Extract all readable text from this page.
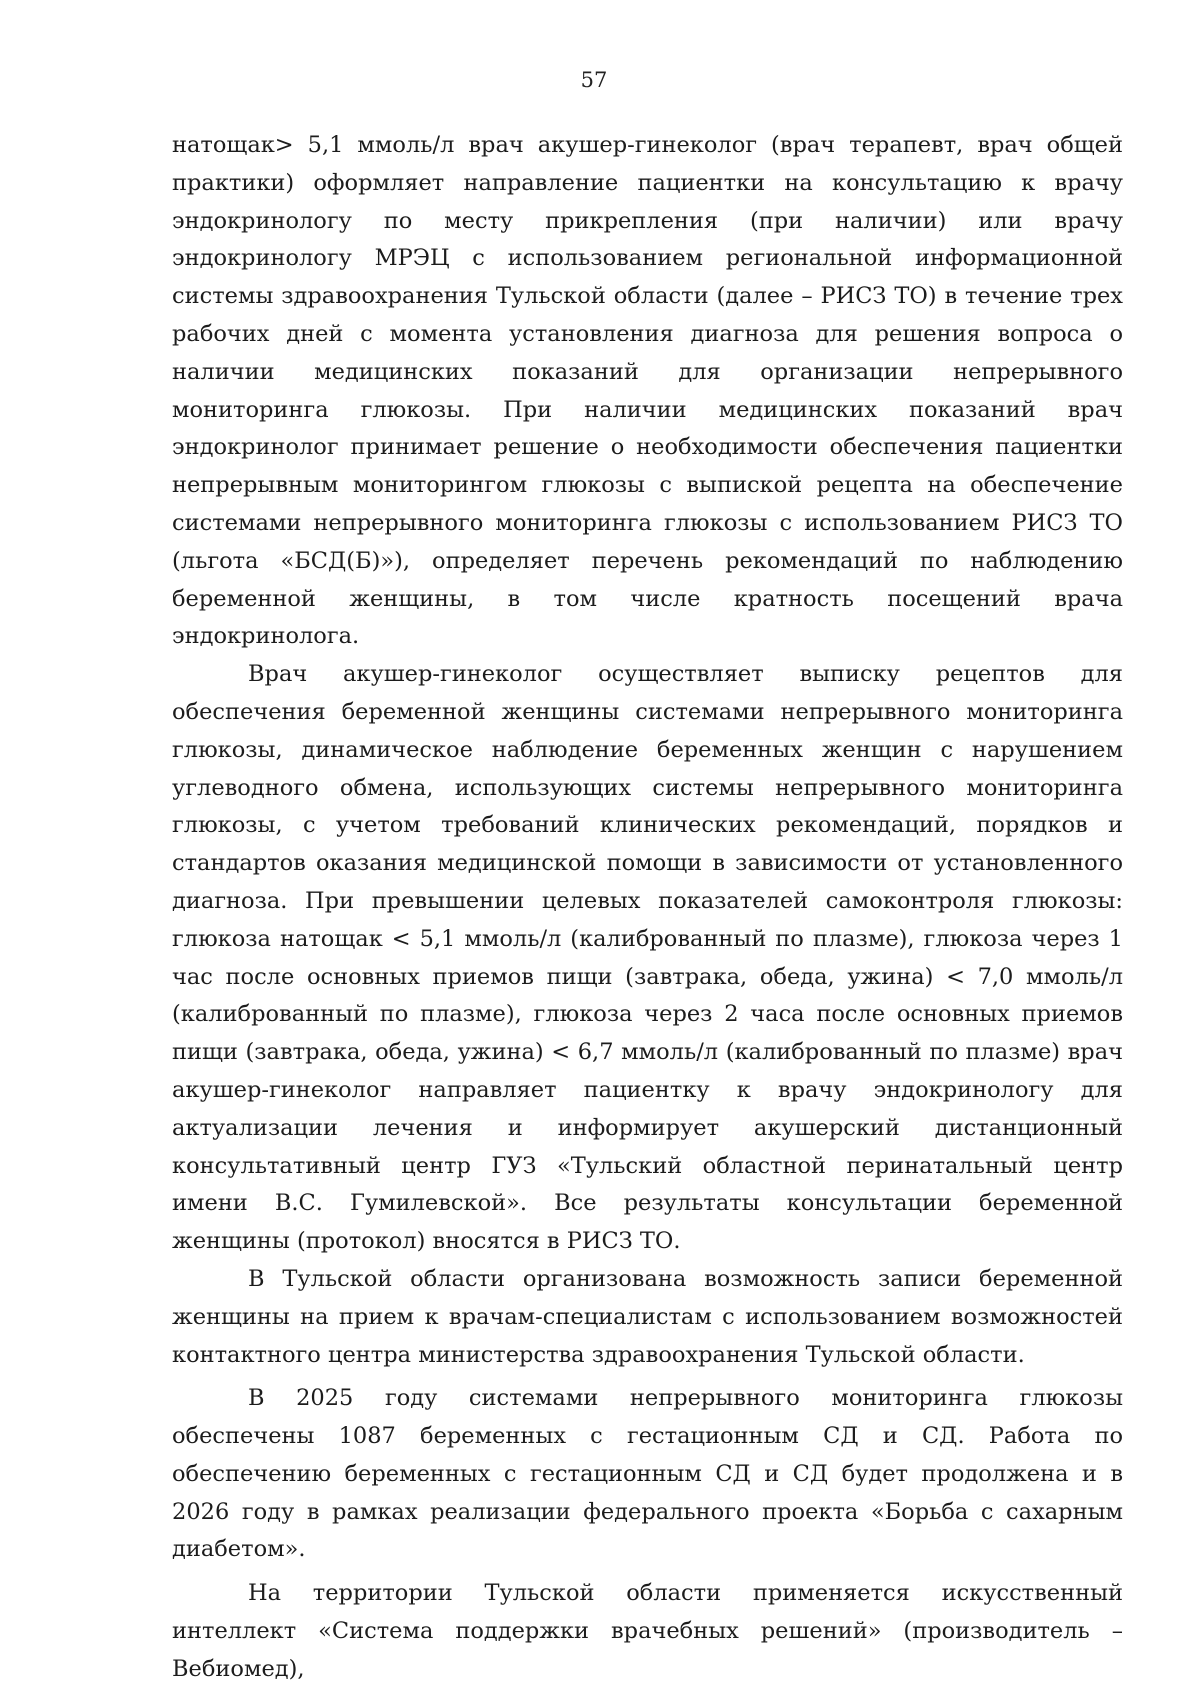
57

натощак> 5,1 ммоль/л врач акушер-гинеколог (врач терапевт, врач общей практики) оформляет направление пациентки на консультацию к врачу эндокринологу по месту прикрепления (при наличии) или врачу эндокринологу МРЭЦ с использованием региональной информационной системы здравоохранения Тульской области (далее – РИСЗ ТО) в течение трех рабочих дней с момента установления диагноза для решения вопроса о наличии медицинских показаний для организации непрерывного мониторинга глюкозы. При наличии медицинских показаний врач эндокринолог принимает решение о необходимости обеспечения пациентки непрерывным мониторингом глюкозы с выпиской рецепта на обеспечение системами непрерывного мониторинга глюкозы с использованием РИСЗ ТО (льгота «БСД(Б)»), определяет перечень рекомендаций по наблюдению беременной женщины, в том числе кратность посещений врача эндокринолога.

Врач акушер-гинеколог осуществляет выписку рецептов для обеспечения беременной женщины системами непрерывного мониторинга глюкозы, динамическое наблюдение беременных женщин с нарушением углеводного обмена, использующих системы непрерывного мониторинга глюкозы, с учетом требований клинических рекомендаций, порядков и стандартов оказания медицинской помощи в зависимости от установленного диагноза. При превышении целевых показателей самоконтроля глюкозы: глюкоза натощак < 5,1 ммоль/л (калиброванный по плазме), глюкоза через 1 час после основных приемов пищи (завтрака, обеда, ужина) < 7,0 ммоль/л (калиброванный по плазме), глюкоза через 2 часа после основных приемов пищи (завтрака, обеда, ужина) < 6,7 ммоль/л (калиброванный по плазме) врач акушер-гинеколог направляет пациентку к врачу эндокринологу для актуализации лечения и информирует акушерский дистанционный консультативный центр ГУЗ «Тульский областной перинатальный центр имени В.С. Гумилевской». Все результаты консультации беременной женщины (протокол) вносятся в РИСЗ ТО.

В Тульской области организована возможность записи беременной женщины на прием к врачам-специалистам с использованием возможностей контактного центра министерства здравоохранения Тульской области.

В 2025 году системами непрерывного мониторинга глюкозы обеспечены 1087 беременных с гестационным СД и СД. Работа по обеспечению беременных с гестационным СД и СД будет продолжена и в 2026 году в рамках реализации федерального проекта «Борьба с сахарным диабетом».

На территории Тульской области применяется искусственный интеллект «Система поддержки врачебных решений» (производитель – Вебиомед),
